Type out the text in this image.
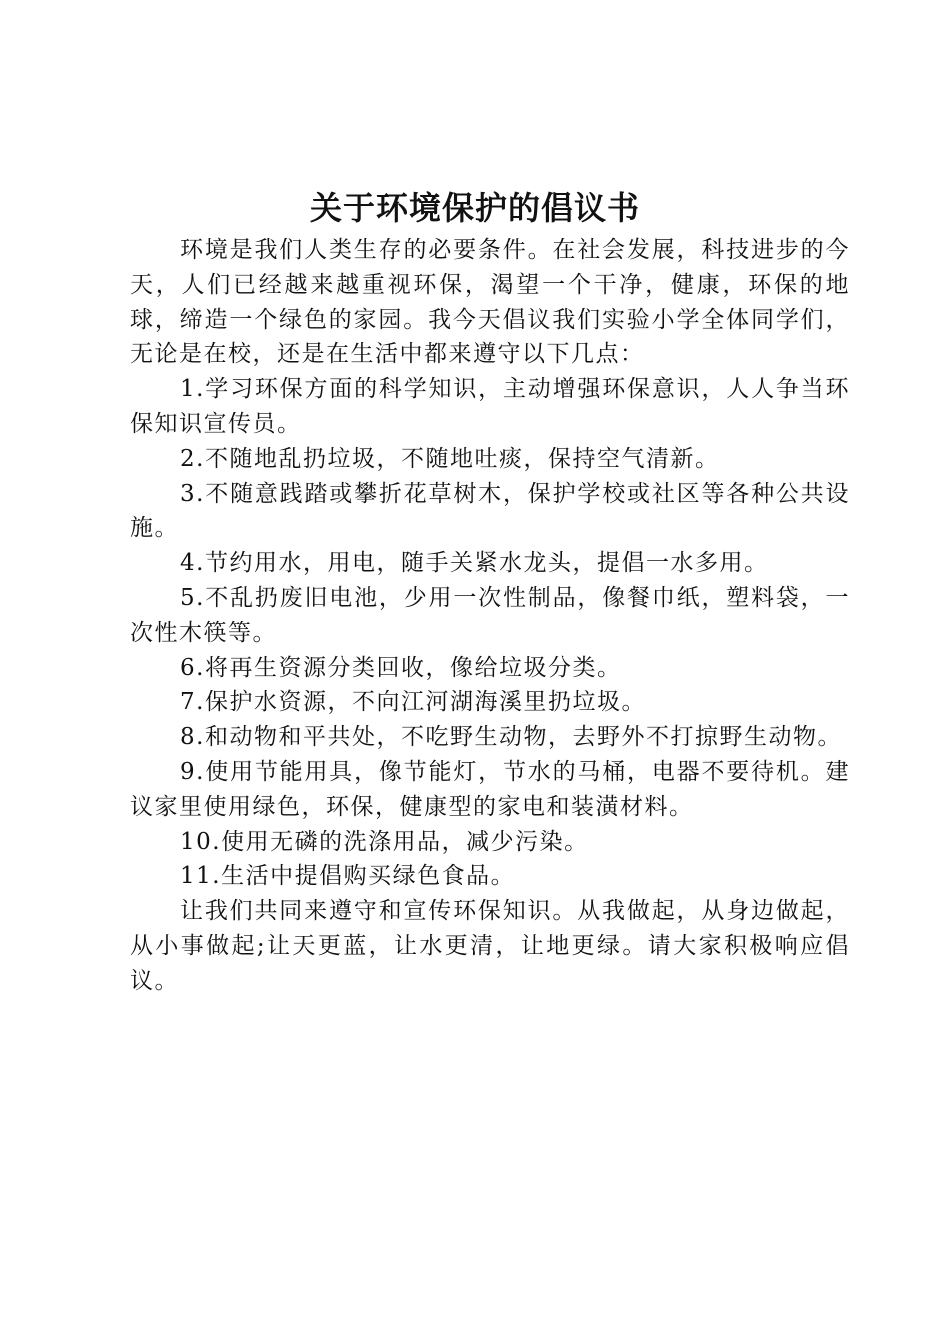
关于环境保护的倡议书

环境是我们人类生存的必要条件。在社会发展，科技进步的今天，人们已经越来越重视环保，渴望一个干净，健康，环保的地球，缔造一个绿色的家园。我今天倡议我们实验小学全体同学们，无论是在校，还是在生活中都来遵守以下几点：

1.学习环保方面的科学知识，主动增强环保意识，人人争当环保知识宣传员。

2.不随地乱扔垃圾，不随地吐痰，保持空气清新。

3.不随意践踏或攀折花草树木，保护学校或社区等各种公共设施。

4.节约用水，用电，随手关紧水龙头，提倡一水多用。

5.不乱扔废旧电池，少用一次性制品，像餐巾纸，塑料袋，一次性木筷等。

6.将再生资源分类回收，像给垃圾分类。

7.保护水资源，不向江河湖海溪里扔垃圾。

8.和动物和平共处，不吃野生动物，去野外不打掠野生动物。

9.使用节能用具，像节能灯，节水的马桶，电器不要待机。建议家里使用绿色，环保，健康型的家电和装潢材料。

10.使用无磷的洗涤用品，减少污染。

11.生活中提倡购买绿色食品。

让我们共同来遵守和宣传环保知识。从我做起，从身边做起，从小事做起;让天更蓝，让水更清，让地更绿。请大家积极响应倡议。
